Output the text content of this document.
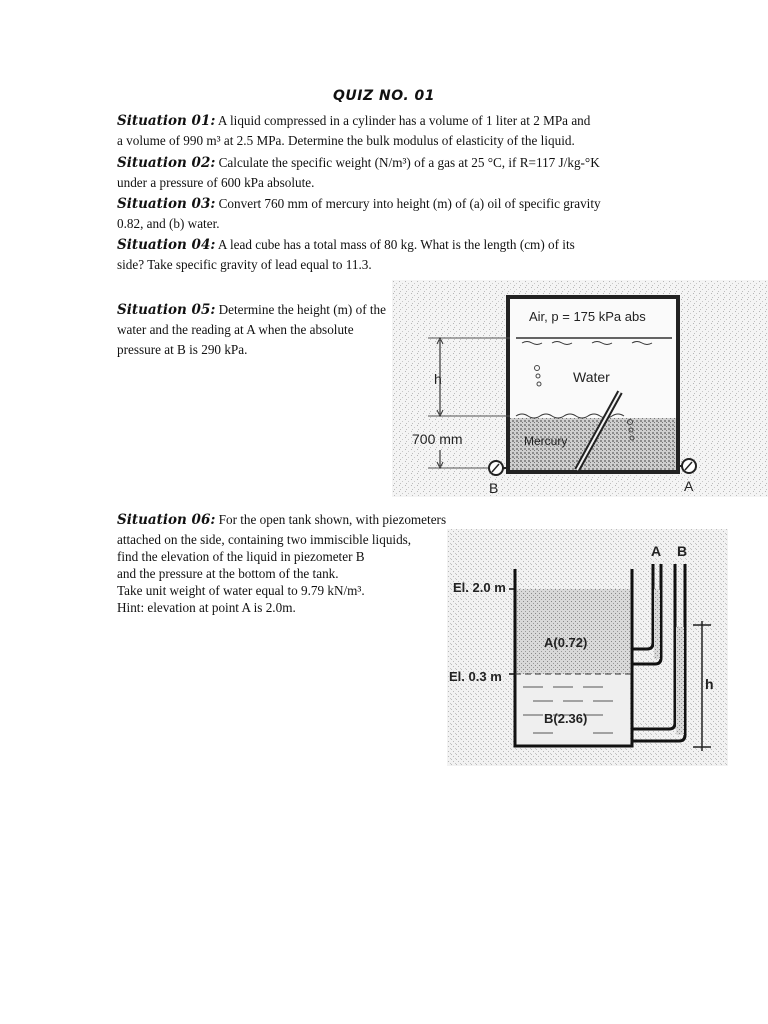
QUIZ NO. 01
Situation 01: A liquid compressed in a cylinder has a volume of 1 liter at 2 MPa and
a volume of 990 m³ at 2.5 MPa. Determine the bulk modulus of elasticity of the liquid.
Situation 02: Calculate the specific weight (N/m³) of a gas at 25 °C, if R=117 J/kg-°K
under a pressure of 600 kPa absolute.
Situation 03: Convert 760 mm of mercury into height (m) of (a) oil of specific gravity
0.82, and (b) water.
Situation 04: A lead cube has a total mass of 80 kg. What is the length (cm) of its
side? Take specific gravity of lead equal to 11.3.
Situation 05: Determine the height (m) of the
water and the reading at A when the absolute
pressure at B is 290 kPa.
Situation 06: For the open tank shown, with piezometers
attached on the side, containing two immiscible liquids,
find the elevation of the liquid in piezometer B
and the pressure at the bottom of the tank.
Take unit weight of water equal to 9.79 kN/m³.
Hint: elevation at point A is 2.0m.
Air, p = 175 kPa abs
Water
Mercury
h
700 mm
B	A
El. 2.0 m
El. 0.3 m
A(0.72)
B(2.36)
A B
h
